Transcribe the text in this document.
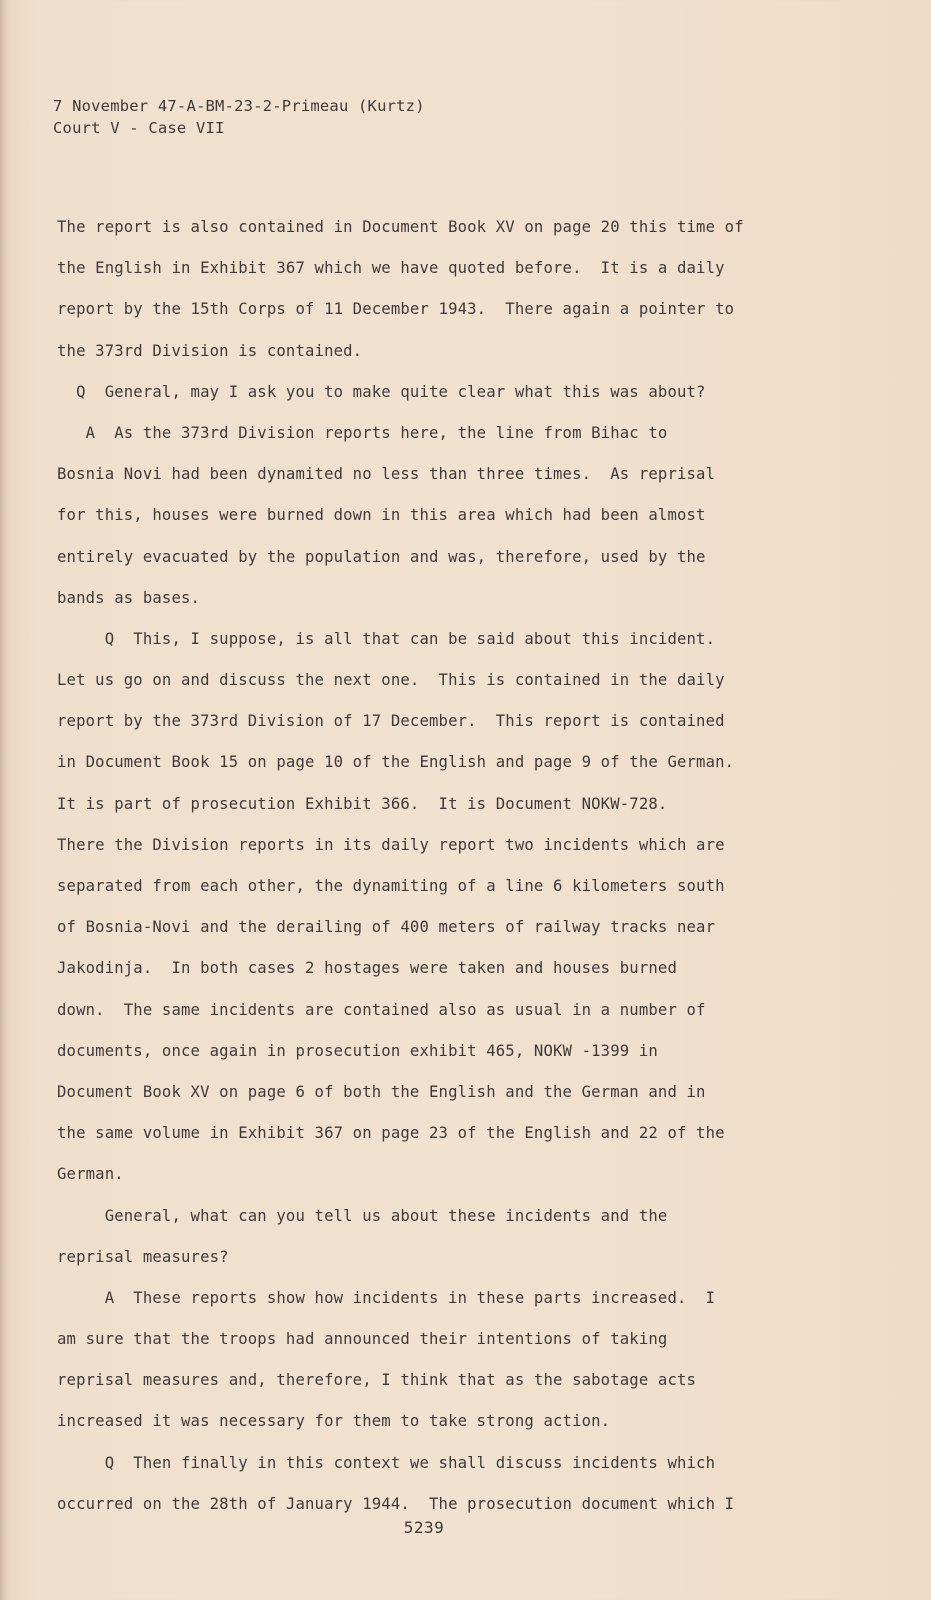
7 November 47-A-BM-23-2-Primeau (Kurtz)
Court V - Case VII
The report is also contained in Document Book XV on page 20 this time of
the English in Exhibit 367 which we have quoted before.  It is a daily
report by the 15th Corps of 11 December 1943.  There again a pointer to
the 373rd Division is contained.
Q  General, may I ask you to make quite clear what this was about?
A  As the 373rd Division reports here, the line from Bihac to
Bosnia Novi had been dynamited no less than three times.  As reprisal
for this, houses were burned down in this area which had been almost
entirely evacuated by the population and was, therefore, used by the
bands as bases.
Q  This, I suppose, is all that can be said about this incident.
Let us go on and discuss the next one.  This is contained in the daily
report by the 373rd Division of 17 December.  This report is contained
in Document Book 15 on page 10 of the English and page 9 of the German.
It is part of prosecution Exhibit 366.  It is Document NOKW-728.
There the Division reports in its daily report two incidents which are
separated from each other, the dynamiting of a line 6 kilometers south
of Bosnia-Novi and the derailing of 400 meters of railway tracks near
Jakodinja.  In both cases 2 hostages were taken and houses burned
down.  The same incidents are contained also as usual in a number of
documents, once again in prosecution exhibit 465, NOKW -1399 in
Document Book XV on page 6 of both the English and the German and in
the same volume in Exhibit 367 on page 23 of the English and 22 of the
German.
General, what can you tell us about these incidents and the
reprisal measures?
A  These reports show how incidents in these parts increased.  I
am sure that the troops had announced their intentions of taking
reprisal measures and, therefore, I think that as the sabotage acts
increased it was necessary for them to take strong action.
Q  Then finally in this context we shall discuss incidents which
occurred on the 28th of January 1944.  The prosecution document which I
5239
